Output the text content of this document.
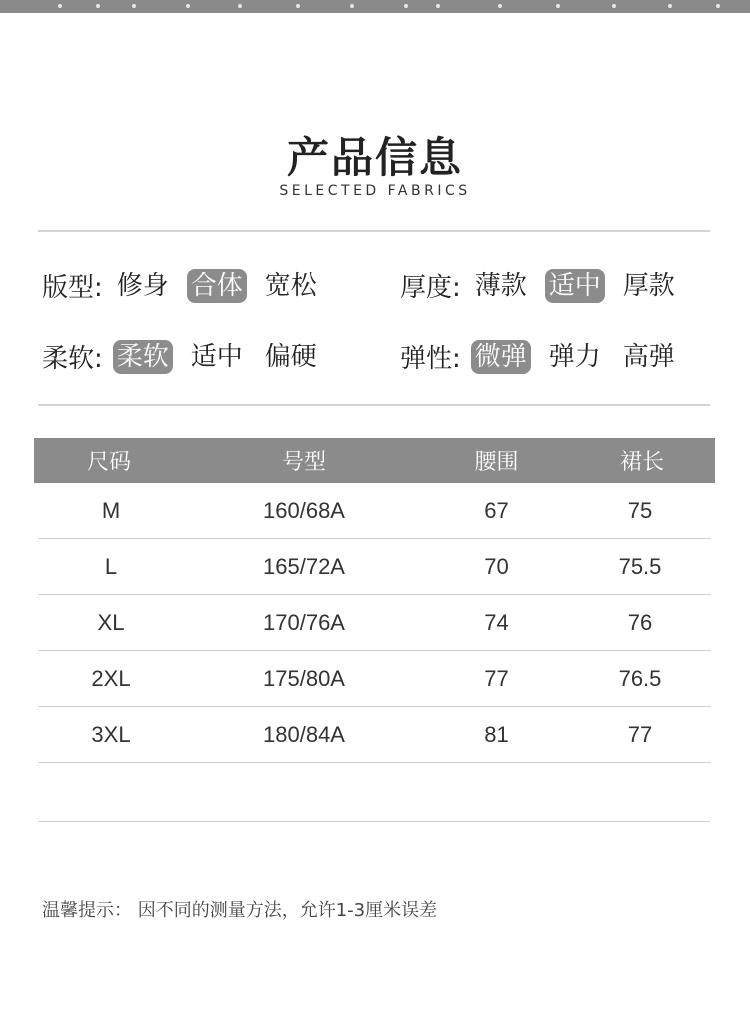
产品信息
SELECTED FABRICS
版型: 修身 合体 宽松	厚度: 薄款 适中 厚款
柔软: 柔软 适中 偏硬	弹性: 微弹 弹力 高弹
尺码	号型	腰围	裙长
M	160/68A	67	75
L	165/72A	70	75.5
XL	170/76A	74	76
2XL	175/80A	77	76.5
3XL	180/84A	81	77
温馨提示： 因不同的测量方法，允许1-3厘米误差
